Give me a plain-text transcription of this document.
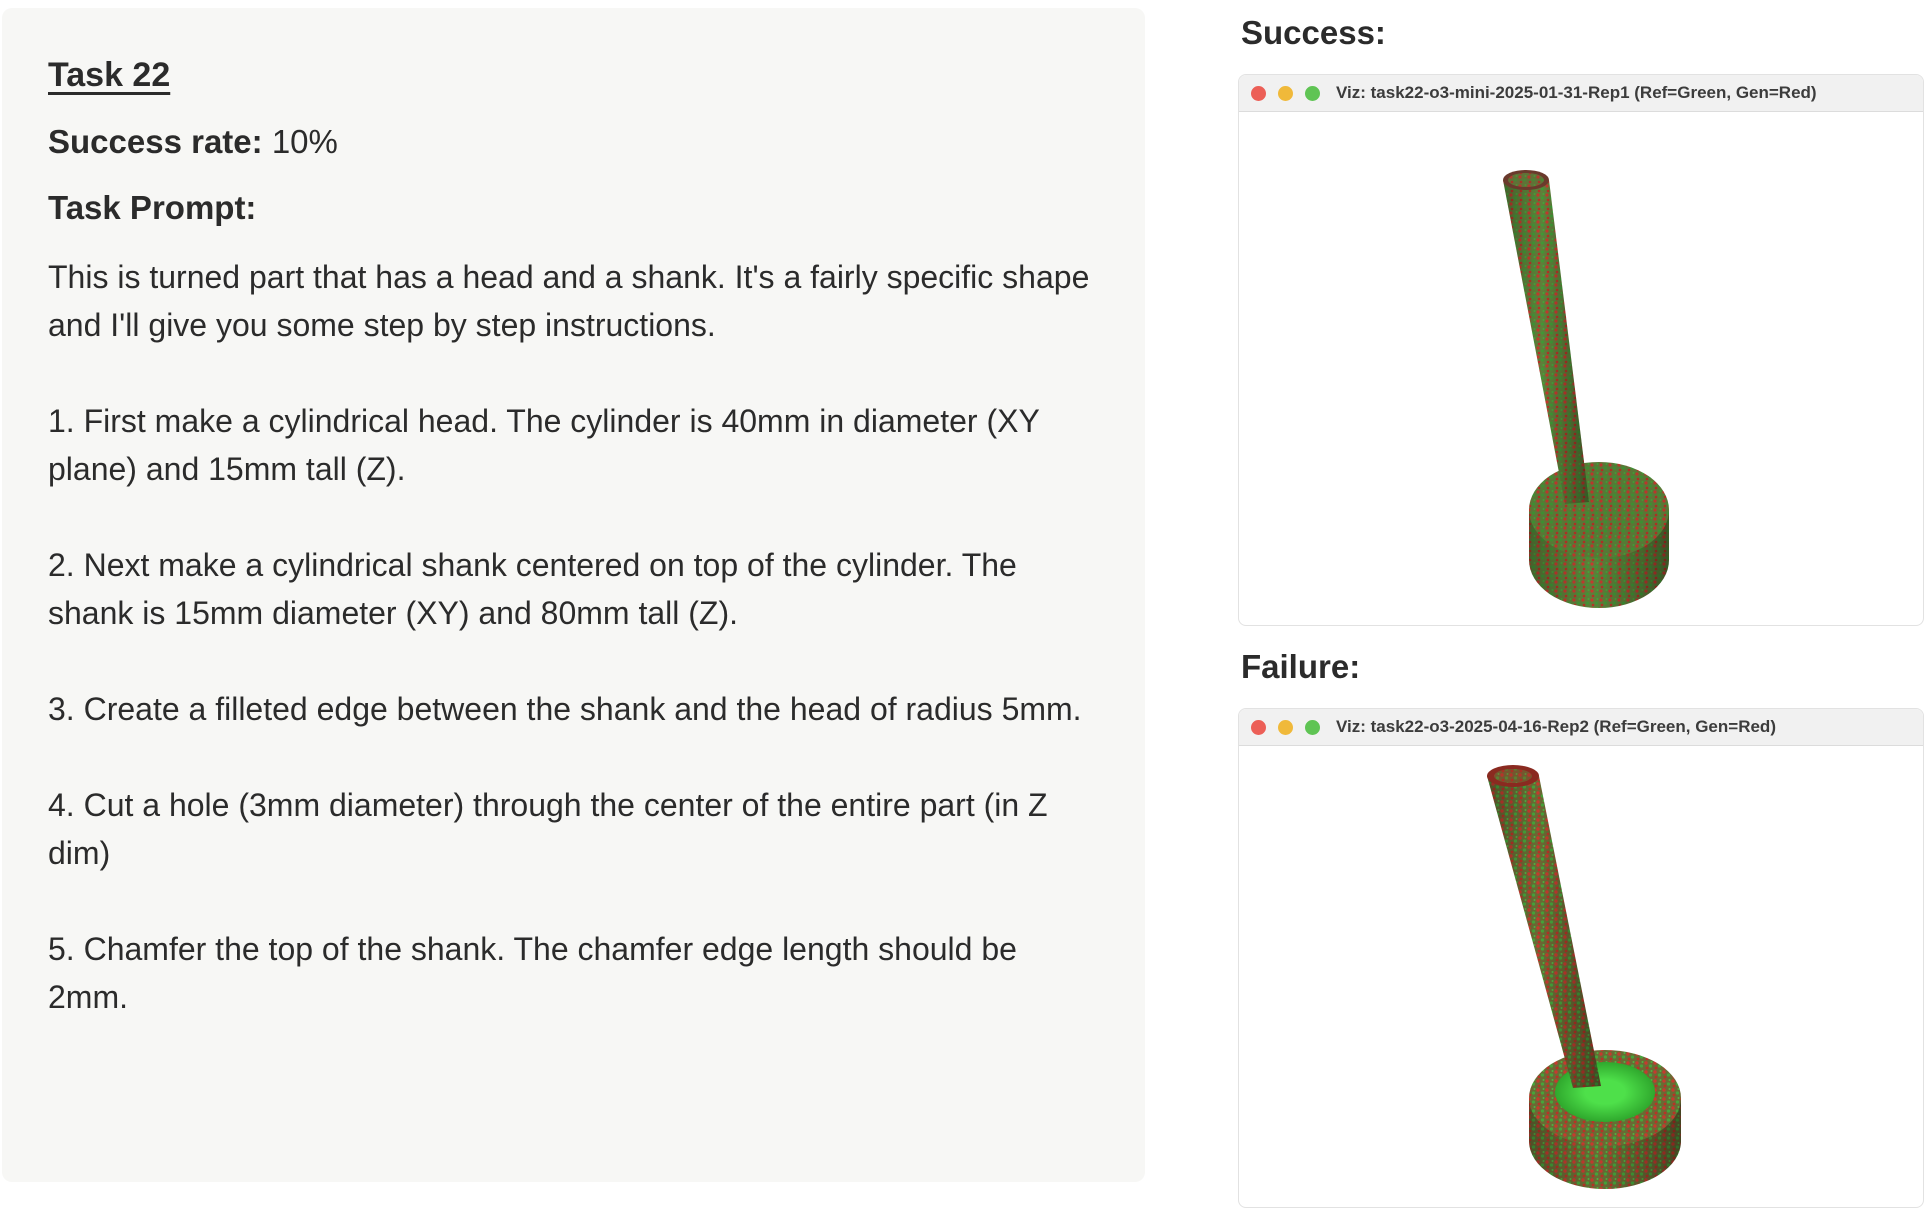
Task 22
Success rate: 10%
Task Prompt:

This is turned part that has a head and a shank. It's a fairly specific shape and I'll give you some step by step instructions.

1. First make a cylindrical head. The cylinder is 40mm in diameter (XY plane) and 15mm tall (Z).

2. Next make a cylindrical shank centered on top of the cylinder. The shank is 15mm diameter (XY) and 80mm tall (Z).

3. Create a filleted edge between the shank and the head of radius 5mm.

4. Cut a hole (3mm diameter) through the center of the entire part (in Z dim)

5. Chamfer the top of the shank. The chamfer edge length should be 2mm.

Success:
Viz: task22-o3-mini-2025-01-31-Rep1 (Ref=Green, Gen=Red)
Failure:
Viz: task22-o3-2025-04-16-Rep2 (Ref=Green, Gen=Red)
